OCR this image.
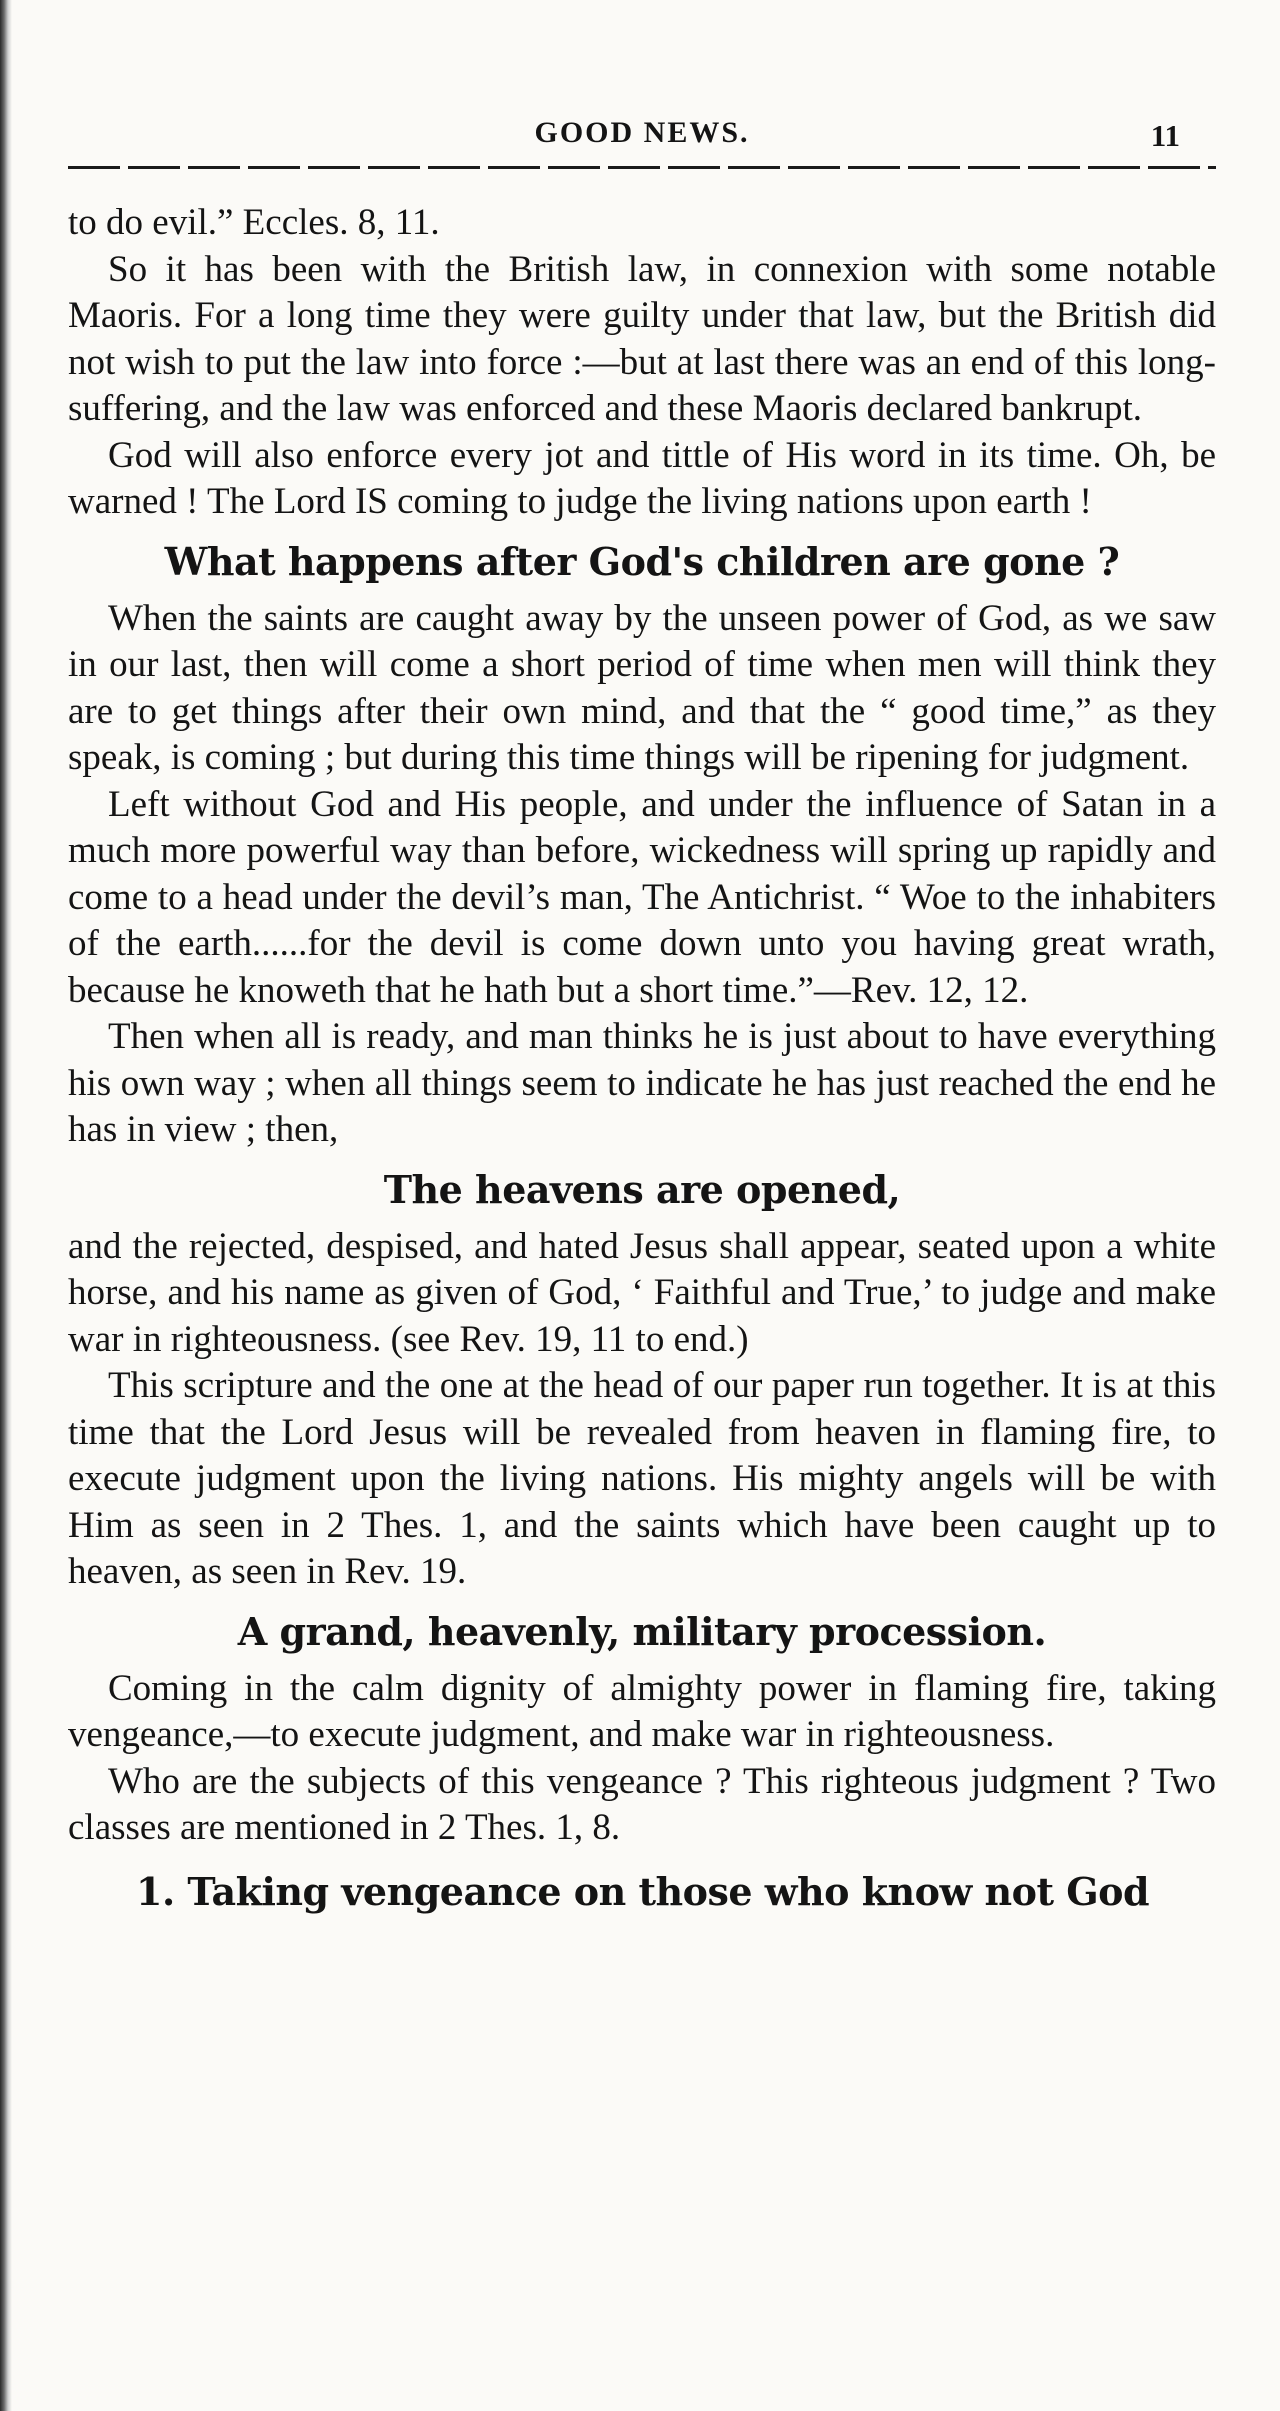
GOOD NEWS.	11

to do evil.” Eccles. 8, 11.

So it has been with the British law, in connexion with some notable Maoris. For a long time they were guilty under that law, but the British did not wish to put the law into force :—but at last there was an end of this long-suffering, and the law was enforced and these Maoris declared bankrupt.

God will also enforce every jot and tittle of His word in its time. Oh, be warned ! The Lord IS coming to judge the living nations upon earth !

What happens after God's children are gone ?

When the saints are caught away by the unseen power of God, as we saw in our last, then will come a short period of time when men will think they are to get things after their own mind, and that the “ good time,” as they speak, is coming ; but during this time things will be ripening for judgment.

Left without God and His people, and under the influence of Satan in a much more powerful way than before, wickedness will spring up rapidly and come to a head under the devil’s man, The Antichrist. “ Woe to the inhabiters of the earth......for the devil is come down unto you having great wrath, because he knoweth that he hath but a short time.”—Rev. 12, 12.

Then when all is ready, and man thinks he is just about to have everything his own way ; when all things seem to indicate he has just reached the end he has in view ; then,

The heavens are opened,

and the rejected, despised, and hated Jesus shall appear, seated upon a white horse, and his name as given of God, ‘ Faithful and True,’ to judge and make war in righteousness. (see Rev. 19, 11 to end.)

This scripture and the one at the head of our paper run together. It is at this time that the Lord Jesus will be revealed from heaven in flaming fire, to execute judgment upon the living nations. His mighty angels will be with Him as seen in 2 Thes. 1, and the saints which have been caught up to heaven, as seen in Rev. 19.

A grand, heavenly, military procession.

Coming in the calm dignity of almighty power in flaming fire, taking vengeance,—to execute judgment, and make war in righteousness.

Who are the subjects of this vengeance ? This righteous judgment ? Two classes are mentioned in 2 Thes. 1, 8.

1. Taking vengeance on those who know not God
